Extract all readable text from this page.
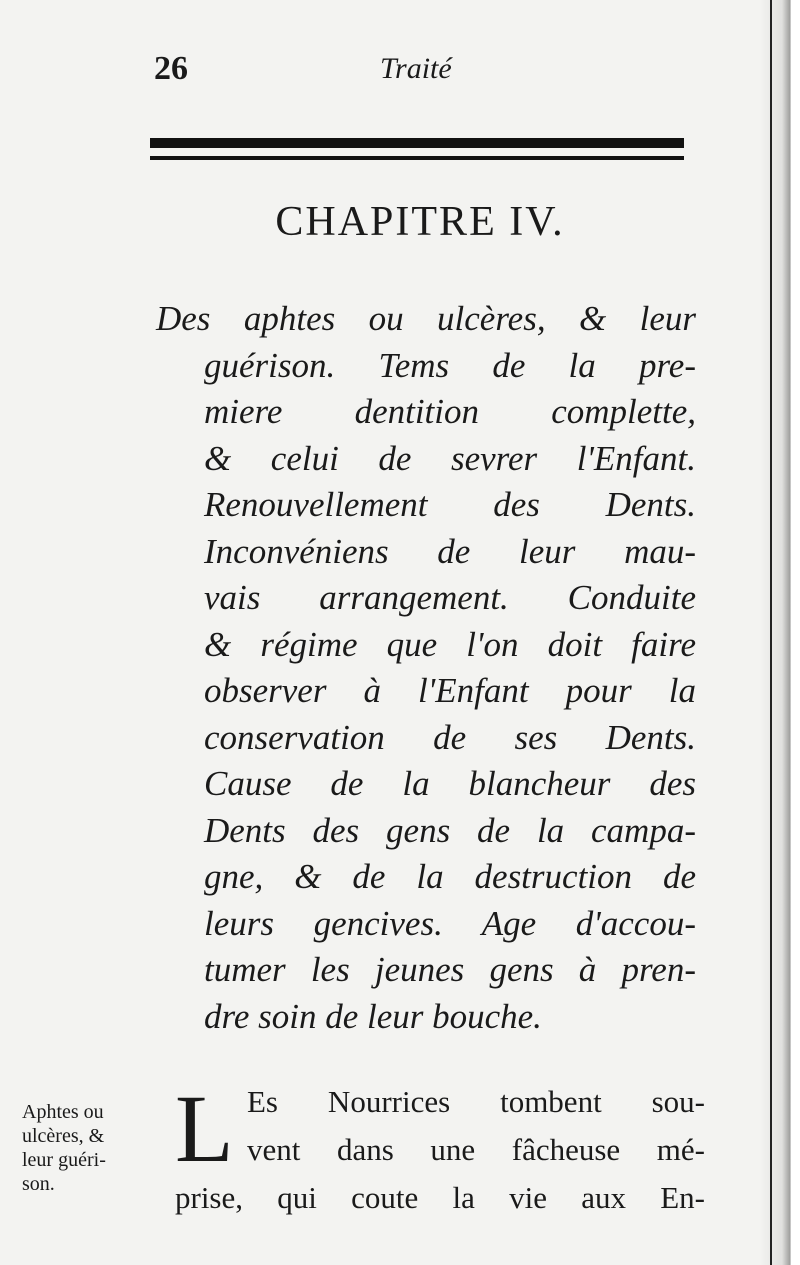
26	Traité
CHAPITRE IV.
Des aphtes ou ulcères, & leur
guérison. Tems de la pre-
miere dentition complette,
& celui de sevrer l'Enfant.
Renouvellement des Dents.
Inconvéniens de leur mau-
vais arrangement. Conduite
& régime que l'on doit faire
observer à l'Enfant pour la
conservation de ses Dents.
Cause de la blancheur des
Dents des gens de la campa-
gne, & de la destruction de
leurs gencives. Age d'accou-
tumer les jeunes gens à pren-
dre soin de leur bouche.
Aphtes ou
ulcères, &
leur guéri-
son.
L Es Nourrices tombent sou-
vent dans une fâcheuse mé-
prise, qui coute la vie aux En-
